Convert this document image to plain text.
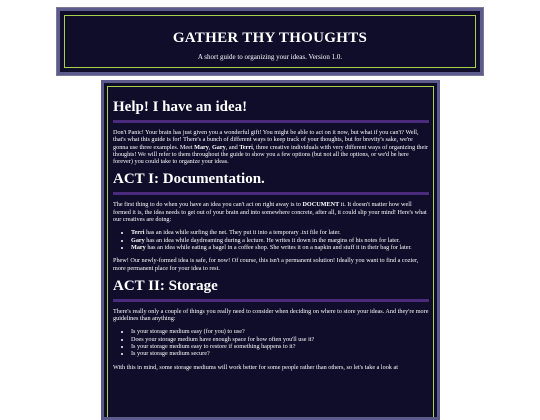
GATHER THY THOUGHTS

A short guide to organizing your ideas. Version 1.0.

Help! I have an idea!

Don't Panic! Your brain has just given you a wonderful gift! You might be able to act on it now, but what if you can't? Well, that's what this guide is for! There's a bunch of different ways to keep track of your thoughts, but for brevity's sake, we're gonna use three examples. Meet Mary, Gary, and Terri, three creative individuals with very different ways of organizing their thoughts! We will refer to them throughout the guide to show you a few options (but not all the options, or we'd be here forever) you could take to organize your ideas.

ACT I: Documentation.

The first thing to do when you have an idea you can't act on right away is to DOCUMENT it. It doesn't matter how well formed it is, the idea needs to get out of your brain and into somewhere concrete, after all, it could slip your mind! Here's what our creatives are doing:

• Terri has an idea while surfing the net. They put it into a temporary .txt file for later.
• Gary has an idea while daydreaming during a lecture. He writes it down in the margins of his notes for later.
• Mary has an idea while eating a bagel in a coffee shop. She writes it on a napkin and stuff it in their bag for later.

Phew! Our newly-formed idea is safe, for now! Of course, this isn't a permanent solution! Ideally you want to find a cozier, more permanent place for your idea to rest.

ACT II: Storage

There's really only a couple of things you really need to consider when deciding on where to store your ideas. And they're more guidelines than anything:

• Is your storage medium easy (for you) to use?
• Does your storage medium have enough space for how often you'll use it?
• Is your storage medium easy to restore if something happens to it?
• Is your storage medium secure?

With this in mind, some storage mediums will work better for some people rather than others, so let's take a look at
